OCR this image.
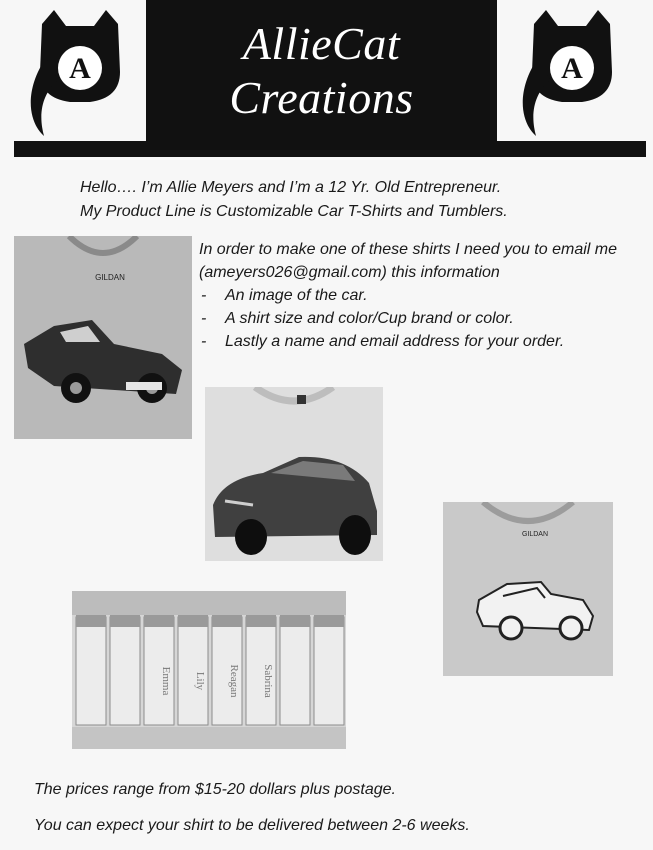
AllieCat
Creations
A	A
Hello…. I’m Allie Meyers and I’m a 12 Yr. Old Entrepreneur.
My Product Line is Customizable Car T-Shirts and Tumblers.
In order to make one of these shirts I need you to email me (ameyers026@gmail.com) this information
- An image of the car.
- A shirt size and color/Cup brand or color.
- Lastly a name and email address for your order.
GILDAN
GILDAN
Emma Lily Reagan Sabrina
The prices range from $15-20 dollars plus postage.
You can expect your shirt to be delivered between 2-6 weeks.
